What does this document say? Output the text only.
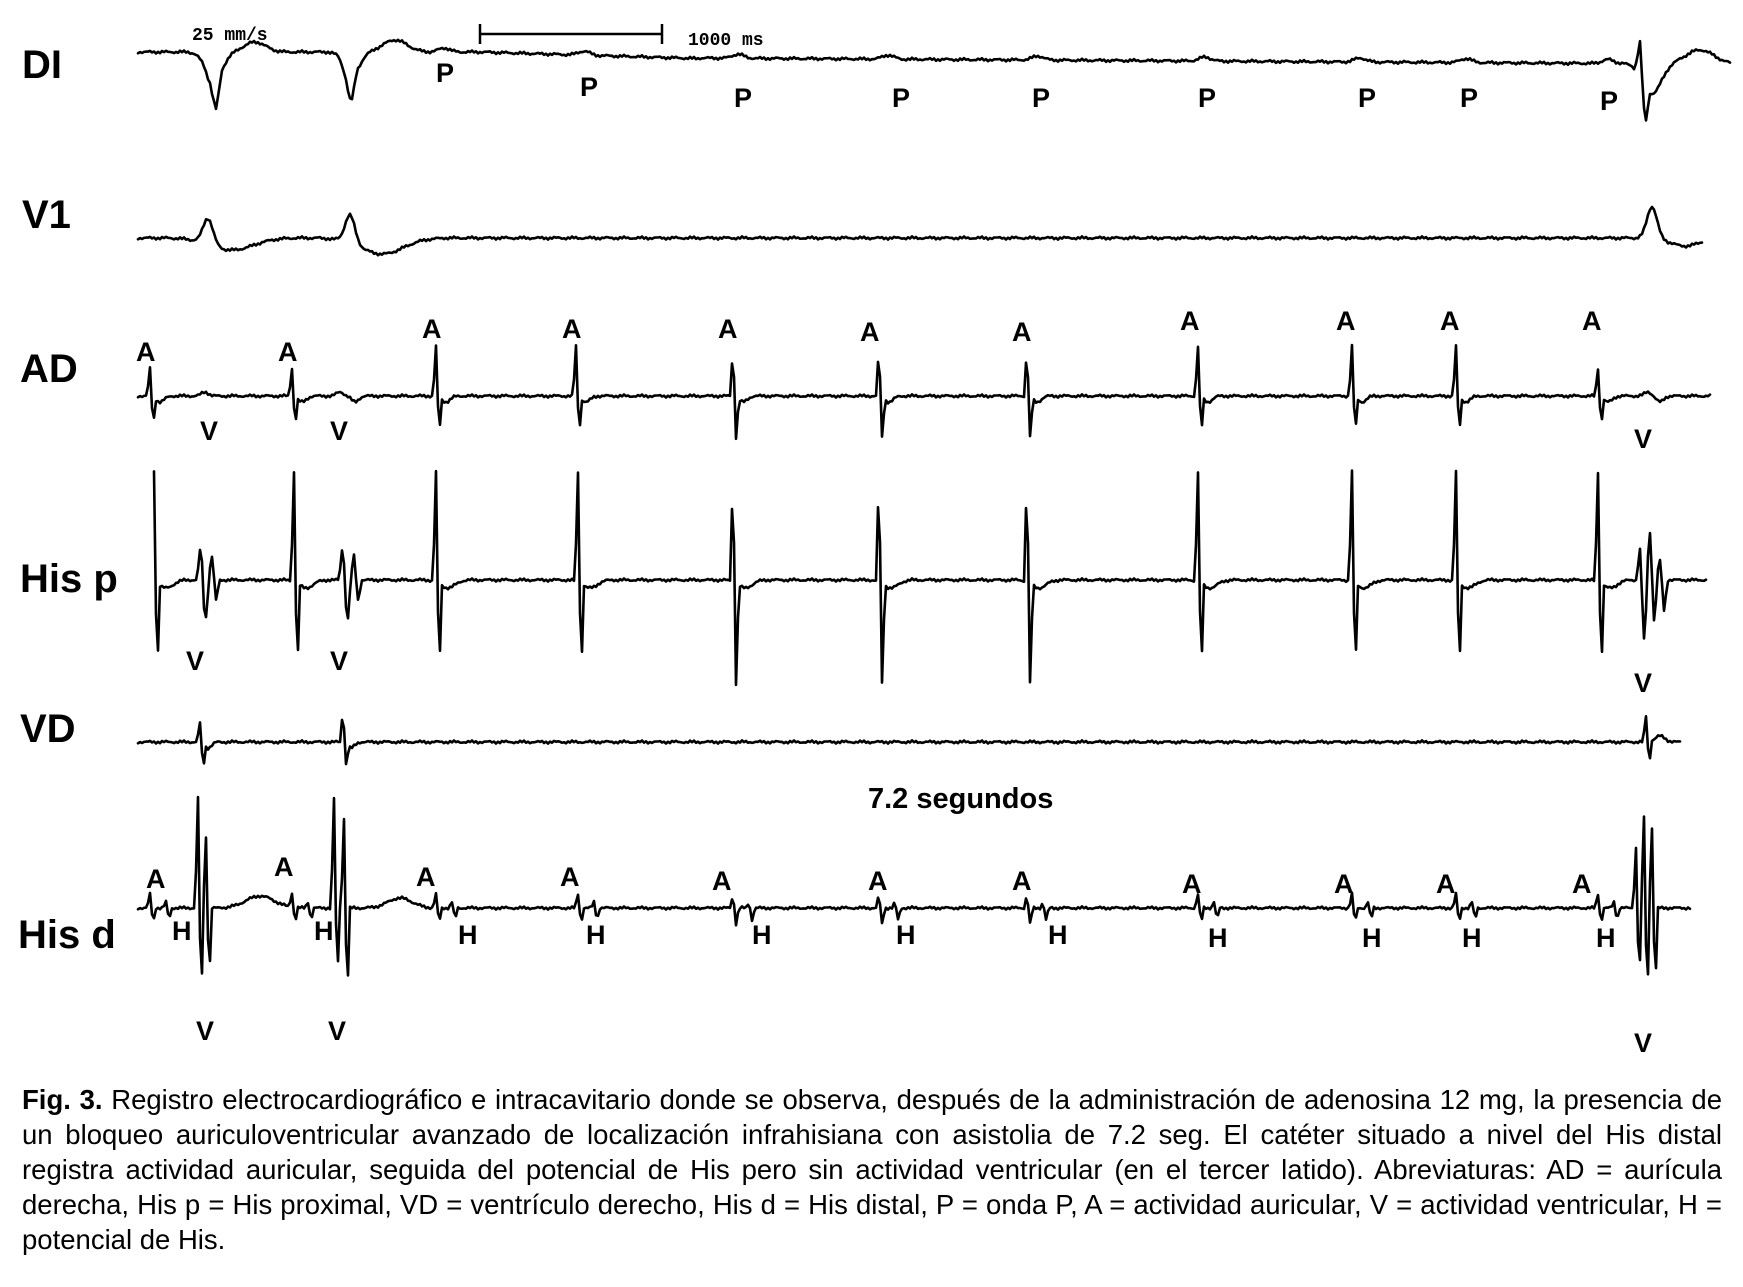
DI
V1
AD
His p
VD
His d
25 mm/s	1000 ms
7.2 segundos
P	P	P	P	P	P	P	P	P
A	A
A	A	A	A	A	A	A	A	A
V	V	V
V	V
V
A	A	A	A	A	A	A	A	A	A	A
H	H	H	H	H	H	H	H	H	H	H
V	V	V
Fig. 3. Registro electrocardiográfico e intracavitario donde se observa, después de la administración de adenosina 12 mg, la presencia de un bloqueo auriculoventricular avanzado de localización infrahisiana con asistolia de 7.2 seg. El catéter situado a nivel del His distal registra actividad auricular, seguida del potencial de His pero sin actividad ventricular (en el tercer latido). Abreviaturas: AD = aurícula derecha, His p = His proximal, VD = ventrículo derecho, His d = His distal, P = onda P, A = actividad auricular, V = actividad ventricular, H = potencial de His.
